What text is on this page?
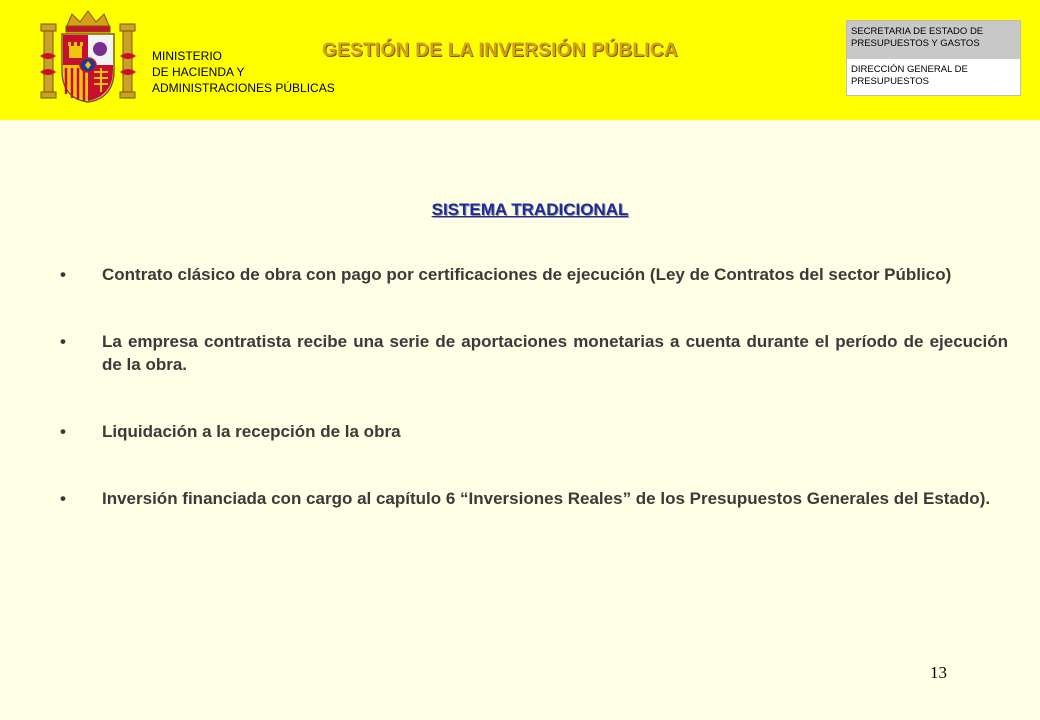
MINISTERIO
DE HACIENDA Y
ADMINISTRACIONES PÚBLICAS
GESTIÓN DE LA INVERSIÓN PÚBLICA
SECRETARIA DE ESTADO DE PRESUPUESTOS Y GASTOS
DIRECCIÓN GENERAL DE PRESUPUESTOS
SISTEMA TRADICIONAL
• Contrato clásico de obra con pago por certificaciones de ejecución (Ley de Contratos del sector Público)
• La empresa contratista recibe una serie de aportaciones monetarias a cuenta durante el período de ejecución de la obra.
• Liquidación a la recepción de la obra
• Inversión financiada con cargo al capítulo 6 “Inversiones Reales” de los Presupuestos Generales del Estado).
13
